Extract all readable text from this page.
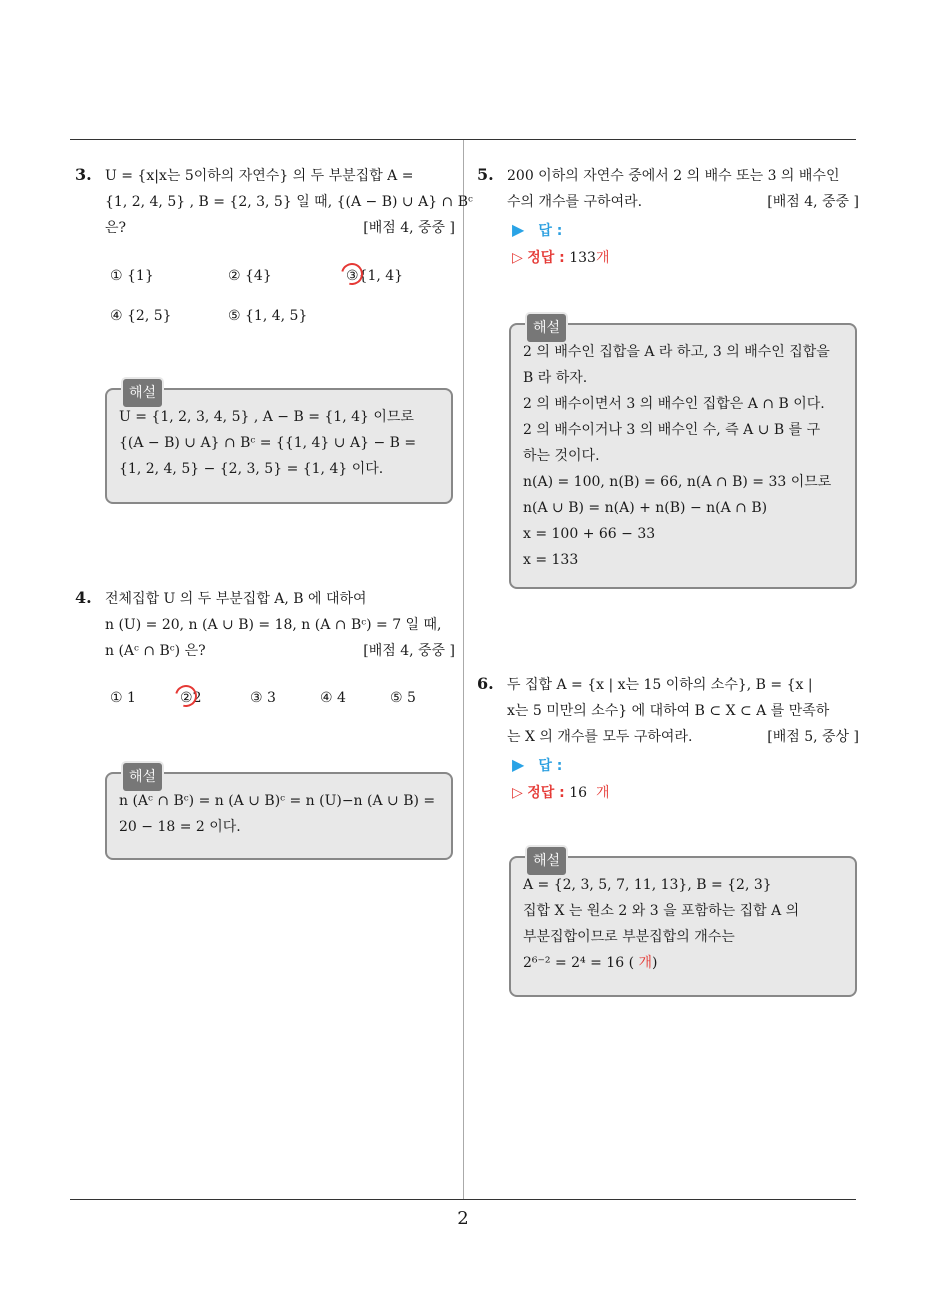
2
3. U = {x|x는 5이하의 자연수} 의 두 부분집합 A =
{1, 2, 4, 5} , B = {2, 3, 5} 일 때, {(A − B) ∪ A} ∩ Bᶜ
은?	[배점 4, 중중 ]
① {1}	② {4}	③{1, 4}
④ {2, 5}	⑤ {1, 4, 5}
해설
U = {1, 2, 3, 4, 5} , A − B = {1, 4} 이므로
{(A − B) ∪ A} ∩ Bᶜ = {{1, 4} ∪ A} − B =
{1, 2, 4, 5} − {2, 3, 5} = {1, 4} 이다.
4. 전체집합 U 의 두 부분집합 A, B 에 대하여
n (U) = 20, n (A ∪ B) = 18, n (A ∩ Bᶜ) = 7 일 때,
n (Aᶜ ∩ Bᶜ) 은?	[배점 4, 중중 ]
① 1	②2	③ 3	④ 4	⑤ 5
해설
n (Aᶜ ∩ Bᶜ) = n (A ∪ B)ᶜ = n (U)−n (A ∪ B) =
20 − 18 = 2 이다.
5. 200 이하의 자연수 중에서 2 의 배수 또는 3 의 배수인
수의 개수를 구하여라.	[배점 4, 중중 ]
▶ 답 :
▷ 정답 : 133개
해설
2 의 배수인 집합을 A 라 하고, 3 의 배수인 집합을
B 라 하자.
2 의 배수이면서 3 의 배수인 집합은 A ∩ B 이다.
2 의 배수이거나 3 의 배수인 수, 즉 A ∪ B 를 구
하는 것이다.
n(A) = 100, n(B) = 66, n(A ∩ B) = 33 이므로
n(A ∪ B) = n(A) + n(B) − n(A ∩ B)
x = 100 + 66 − 33
x = 133
6. 두 집합 A = {x | x는 15 이하의 소수}, B = {x |
x는 5 미만의 소수} 에 대하여 B ⊂ X ⊂ A 를 만족하
는 X 의 개수를 모두 구하여라.	[배점 5, 중상 ]
▶ 답 :
▷ 정답 : 16 개
해설
A = {2, 3, 5, 7, 11, 13}, B = {2, 3}
집합 X 는 원소 2 와 3 을 포함하는 집합 A 의
부분집합이므로 부분집합의 개수는
2⁶⁻² = 2⁴ = 16 ( 개)
